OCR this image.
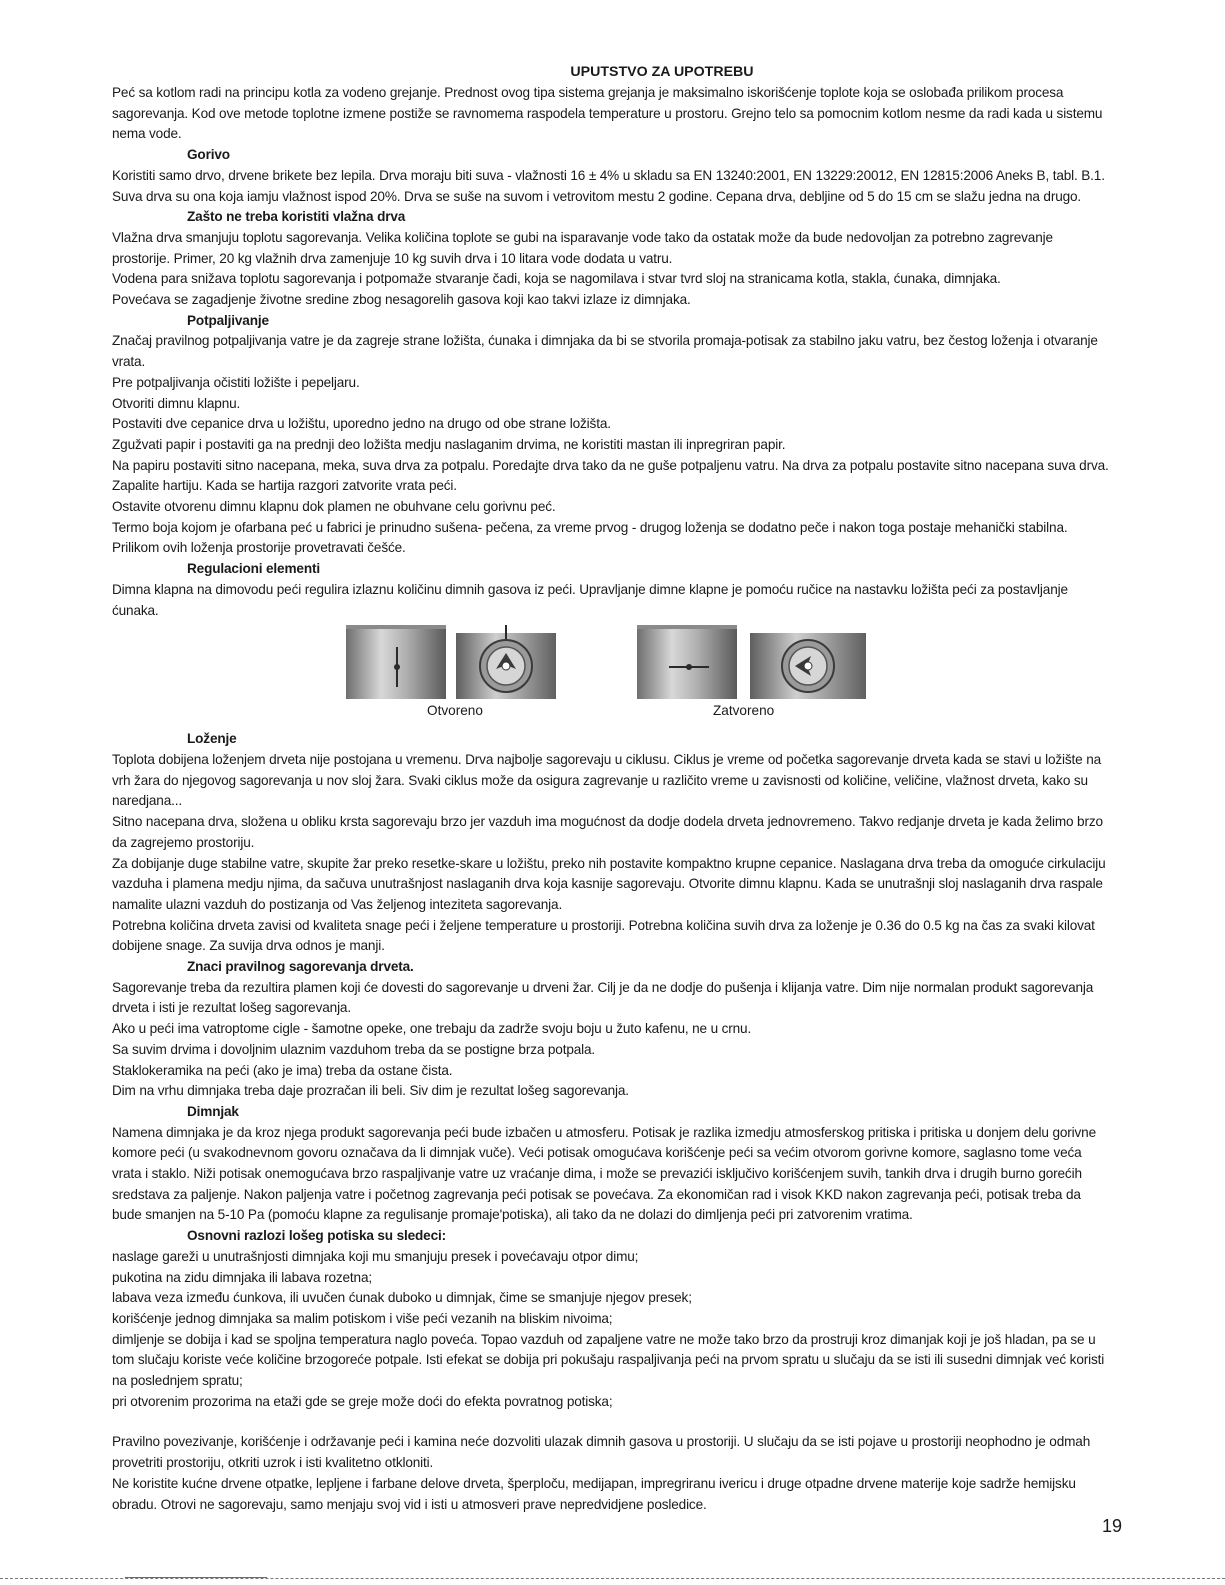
UPUTSTVO ZA UPOTREBU

Peć sa kotlom radi na principu kotla za vodeno grejanje. Prednost ovog tipa sistema grejanja je maksimalno iskorišćenje toplote koja se oslobađa prilikom procesa sagorevanja. Kod ove metode toplotne izmene postiže se ravnomema raspodela temperature u prostoru. Grejno telo sa pomocnim kotlom nesme da radi kada u sistemu nema vode.

Gorivo

Koristiti samo drvo, drvene brikete bez lepila. Drva moraju biti suva - vlažnosti 16 ± 4% u skladu sa EN 13240:2001, EN 13229:20012, EN 12815:2006 Aneks B, tabl. B.1. Suva drva su ona koja iamju vlažnost ispod 20%. Drva se suše na suvom i vetrovitom mestu 2 godine. Cepana drva, debljine od 5 do 15 cm se slažu jedna na drugo.

Zašto ne treba koristiti vlažna drva

Vlažna drva smanjuju toplotu sagorevanja. Velika količina toplote se gubi na isparavanje vode tako da ostatak može da bude nedovoljan za potrebno zagrevanje prostorije. Primer, 20 kg vlažnih drva zamenjuje 10 kg suvih drva i 10 litara vode dodata u vatru.

Vodena para snižava toplotu sagorevanja i potpomaže stvaranje čadi, koja se nagomilava i stvar tvrd sloj na stranicama kotla, stakla, ćunaka, dimnjaka.

Povećava se zagadjenje životne sredine zbog nesagorelih gasova koji kao takvi izlaze iz dimnjaka.

Potpaljivanje

Značaj pravilnog potpaljivanja vatre je da zagreje strane ložišta, ćunaka i dimnjaka da bi se stvorila promaja-potisak za stabilno jaku vatru, bez čestog loženja i otvaranje vrata.

Pre potpaljivanja očistiti ložište i pepeljaru.

Otvoriti dimnu klapnu.

Postaviti dve cepanice drva u ložištu, uporedno jedno na drugo od obe strane ložišta.

Zgužvati papir i postaviti ga na prednji deo ložišta medju naslaganim drvima, ne koristiti mastan ili inpregriran papir.

Na papiru postaviti sitno nacepana, meka, suva drva za potpalu. Poredajte drva tako da ne guše potpaljenu vatru. Na drva za potpalu postavite sitno nacepana suva drva.

Zapalite hartiju. Kada se hartija razgori zatvorite vrata peći.

Ostavite otvorenu dimnu klapnu dok plamen ne obuhvane celu gorivnu peć.

Termo boja kojom je ofarbana peć u fabrici je prinudno sušena- pečena, za vreme prvog - drugog loženja se dodatno peče i nakon toga postaje mehanički stabilna. Prilikom ovih loženja prostorije provetravati češće.

Regulacioni elementi

Dimna klapna na dimovodu peći regulira izlaznu količinu dimnih gasova iz peći. Upravljanje dimne klapne je pomoću ručice na nastavku ložišta peći za postavljanje ćunaka.

Otvoreno	Zatvoreno

Loženje

Toplota dobijena loženjem drveta nije postojana u vremenu. Drva najbolje sagorevaju u ciklusu. Ciklus je vreme od početka sagorevanje drveta kada se stavi u ložište na vrh žara do njegovog sagorevanja u nov sloj žara. Svaki ciklus može da osigura zagrevanje u različito vreme u zavisnosti od količine, veličine, vlažnost drveta, kako su naredjana...

Sitno nacepana drva, složena u obliku krsta sagorevaju brzo jer vazduh ima mogućnost da dodje dodela drveta jednovremeno. Takvo redjanje drveta je kada želimo brzo da zagrejemo prostoriju.

Za dobijanje duge stabilne vatre, skupite žar preko resetke-skare u ložištu, preko nih postavite kompaktno krupne cepanice. Naslagana drva treba da omoguće cirkulaciju vazduha i plamena medju njima, da sačuva unutrašnjost naslaganih drva koja kasnije sagorevaju. Otvorite dimnu klapnu. Kada se unutrašnji sloj naslaganih drva raspale namalite ulazni vazduh do postizanja od Vas željenog inteziteta sagorevanja.

Potrebna količina drveta zavisi od kvaliteta snage peći i željene temperature u prostoriji. Potrebna količina suvih drva za loženje je 0.36 do 0.5 kg na čas za svaki kilovat dobijene snage. Za suvija drva odnos je manji.

Znaci pravilnog sagorevanja drveta.

Sagorevanje treba da rezultira plamen koji će dovesti do sagorevanje u drveni žar. Cilj je da ne dodje do pušenja i klijanja vatre. Dim nije normalan produkt sagorevanja drveta i isti je rezultat lošeg sagorevanja.

Ako u peći ima vatroptome cigle - šamotne opeke, one trebaju da zadrže svoju boju u žuto kafenu, ne u crnu.

Sa suvim drvima i dovoljnim ulaznim vazduhom treba da se postigne brza potpala.

Staklokeramika na peći (ako je ima) treba da ostane čista.

Dim na vrhu dimnjaka treba daje prozračan ili beli. Siv dim je rezultat lošeg sagorevanja.

Dimnjak

Namena dimnjaka je da kroz njega produkt sagorevanja peći bude izbačen u atmosferu. Potisak je razlika izmedju atmosferskog pritiska i pritiska u donjem delu gorivne komore peći (u svakodnevnom govoru označava da li dimnjak vuče). Veći potisak omogućava korišćenje peći sa većim otvorom gorivne komore, saglasno tome veća vrata i staklo. Niži potisak onemogućava brzo raspaljivanje vatre uz vraćanje dima, i može se prevazići isključivo korišćenjem suvih, tankih drva i drugih burno gorećih sredstava za paljenje. Nakon paljenja vatre i početnog zagrevanja peći potisak se povećava. Za ekonomičan rad i visok KKD nakon zagrevanja peći, potisak treba da bude smanjen na 5-10 Pa (pomoću klapne za regulisanje promaje'potiska), ali tako da ne dolazi do dimljenja peći pri zatvorenim vratima.

Osnovni razlozi lošeg potiska su sledeci:

naslage gareži u unutrašnjosti dimnjaka koji mu smanjuju presek i povećavaju otpor dimu;

pukotina na zidu dimnjaka ili labava rozetna;

labava veza između ćunkova, ili uvučen ćunak duboko u dimnjak, čime se smanjuje njegov presek;

korišćenje jednog dimnjaka sa malim potiskom i više peći vezanih na bliskim nivoima;

dimljenje se dobija i kad se spoljna temperatura naglo poveća. Topao vazduh od zapaljene vatre ne može tako brzo da prostruji kroz dimanjak koji je još hladan, pa se u tom slučaju koriste veće količine brzogoreće potpale. Isti efekat se dobija pri pokušaju raspaljivanja peći na prvom spratu u slučaju da se isti ili susedni dimnjak već koristi na poslednjem spratu;

pri otvorenim prozorima na etaži gde se greje može doći do efekta povratnog potiska;

Pravilno povezivanje, korišćenje i održavanje peći i kamina neće dozvoliti ulazak dimnih gasova u prostoriji. U slučaju da se isti pojave u prostoriji neophodno je odmah provetriti prostoriju, otkriti uzrok i isti kvalitetno otkloniti.

Ne koristite kućne drvene otpatke, lepljene i farbane delove drveta, šperploču, medijapan, impregriranu ivericu i druge otpadne drvene materije koje sadrže hemijsku obradu. Otrovi ne sagorevaju, samo menjaju svoj vid i isti u atmosveri prave nepredvidjene posledice.

19
